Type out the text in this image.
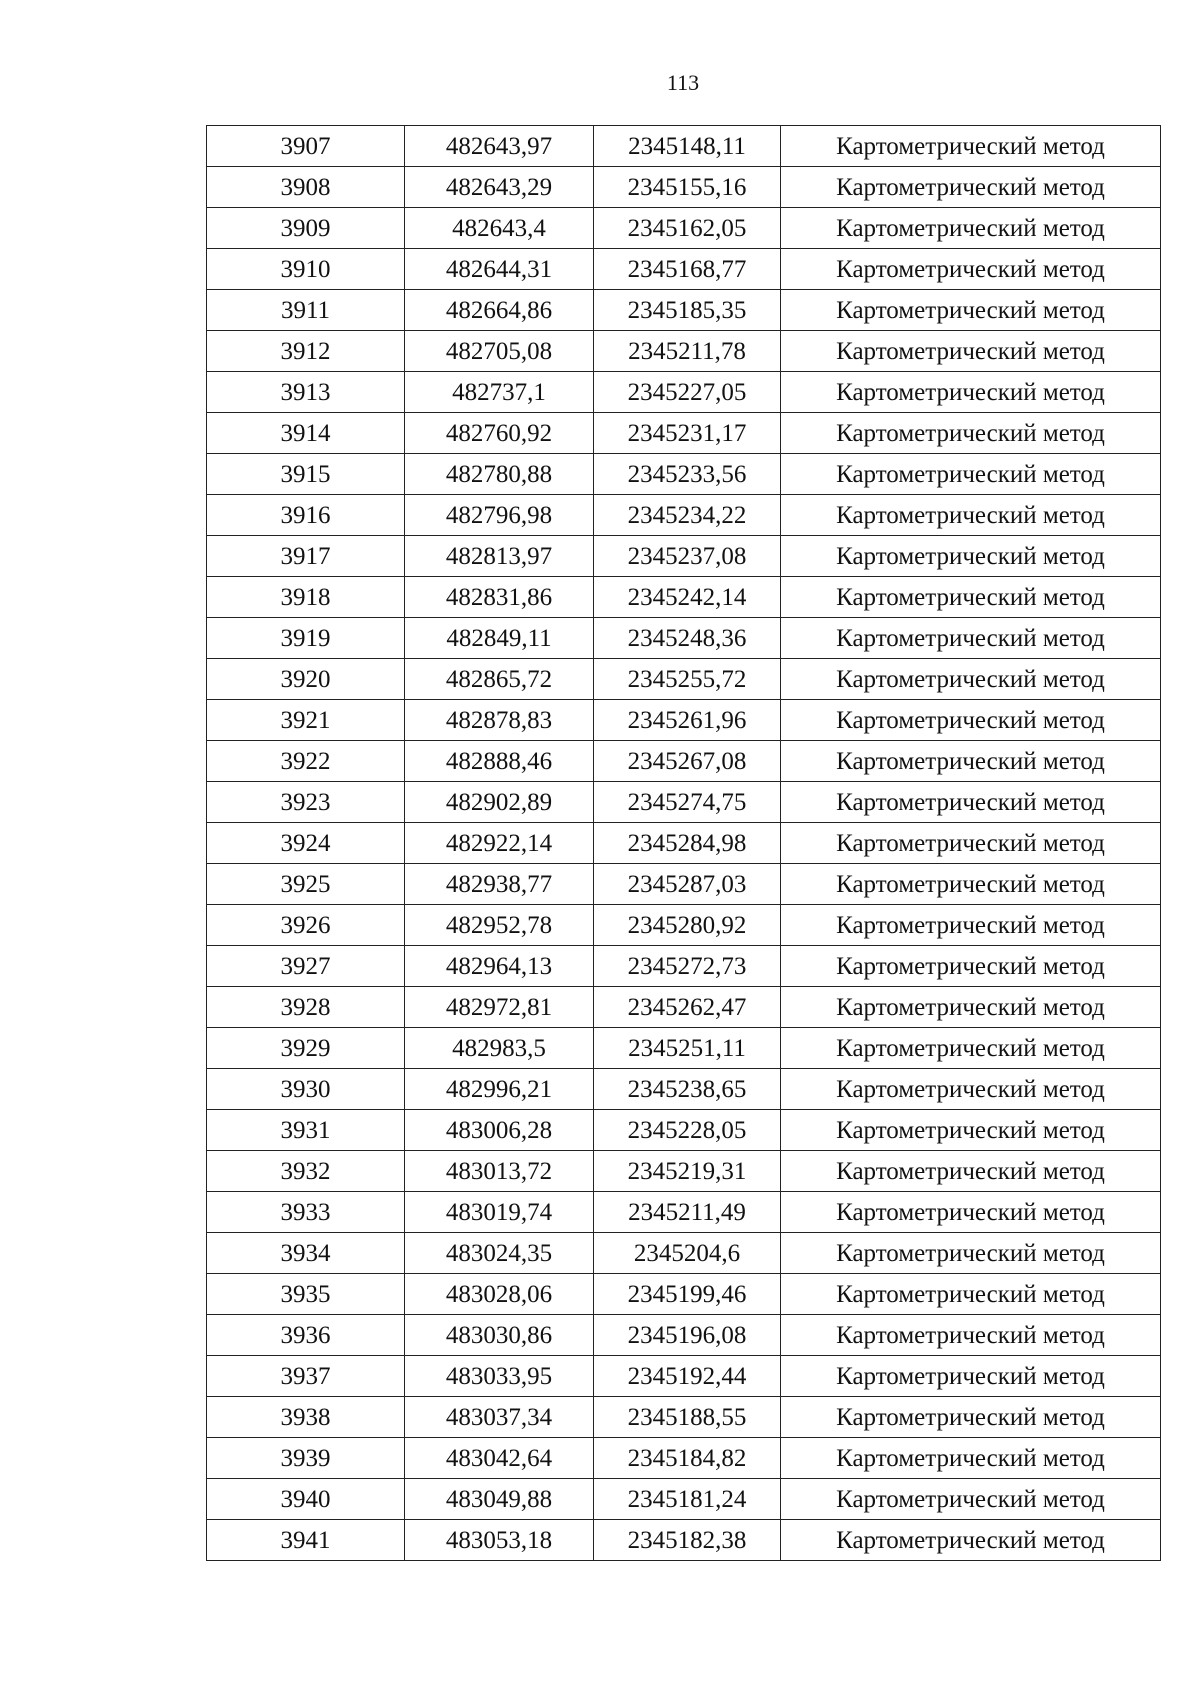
113
3907	482643,97	2345148,11	Картометрический метод
3908	482643,29	2345155,16	Картометрический метод
3909	482643,4	2345162,05	Картометрический метод
3910	482644,31	2345168,77	Картометрический метод
3911	482664,86	2345185,35	Картометрический метод
3912	482705,08	2345211,78	Картометрический метод
3913	482737,1	2345227,05	Картометрический метод
3914	482760,92	2345231,17	Картометрический метод
3915	482780,88	2345233,56	Картометрический метод
3916	482796,98	2345234,22	Картометрический метод
3917	482813,97	2345237,08	Картометрический метод
3918	482831,86	2345242,14	Картометрический метод
3919	482849,11	2345248,36	Картометрический метод
3920	482865,72	2345255,72	Картометрический метод
3921	482878,83	2345261,96	Картометрический метод
3922	482888,46	2345267,08	Картометрический метод
3923	482902,89	2345274,75	Картометрический метод
3924	482922,14	2345284,98	Картометрический метод
3925	482938,77	2345287,03	Картометрический метод
3926	482952,78	2345280,92	Картометрический метод
3927	482964,13	2345272,73	Картометрический метод
3928	482972,81	2345262,47	Картометрический метод
3929	482983,5	2345251,11	Картометрический метод
3930	482996,21	2345238,65	Картометрический метод
3931	483006,28	2345228,05	Картометрический метод
3932	483013,72	2345219,31	Картометрический метод
3933	483019,74	2345211,49	Картометрический метод
3934	483024,35	2345204,6	Картометрический метод
3935	483028,06	2345199,46	Картометрический метод
3936	483030,86	2345196,08	Картометрический метод
3937	483033,95	2345192,44	Картометрический метод
3938	483037,34	2345188,55	Картометрический метод
3939	483042,64	2345184,82	Картометрический метод
3940	483049,88	2345181,24	Картометрический метод
3941	483053,18	2345182,38	Картометрический метод
